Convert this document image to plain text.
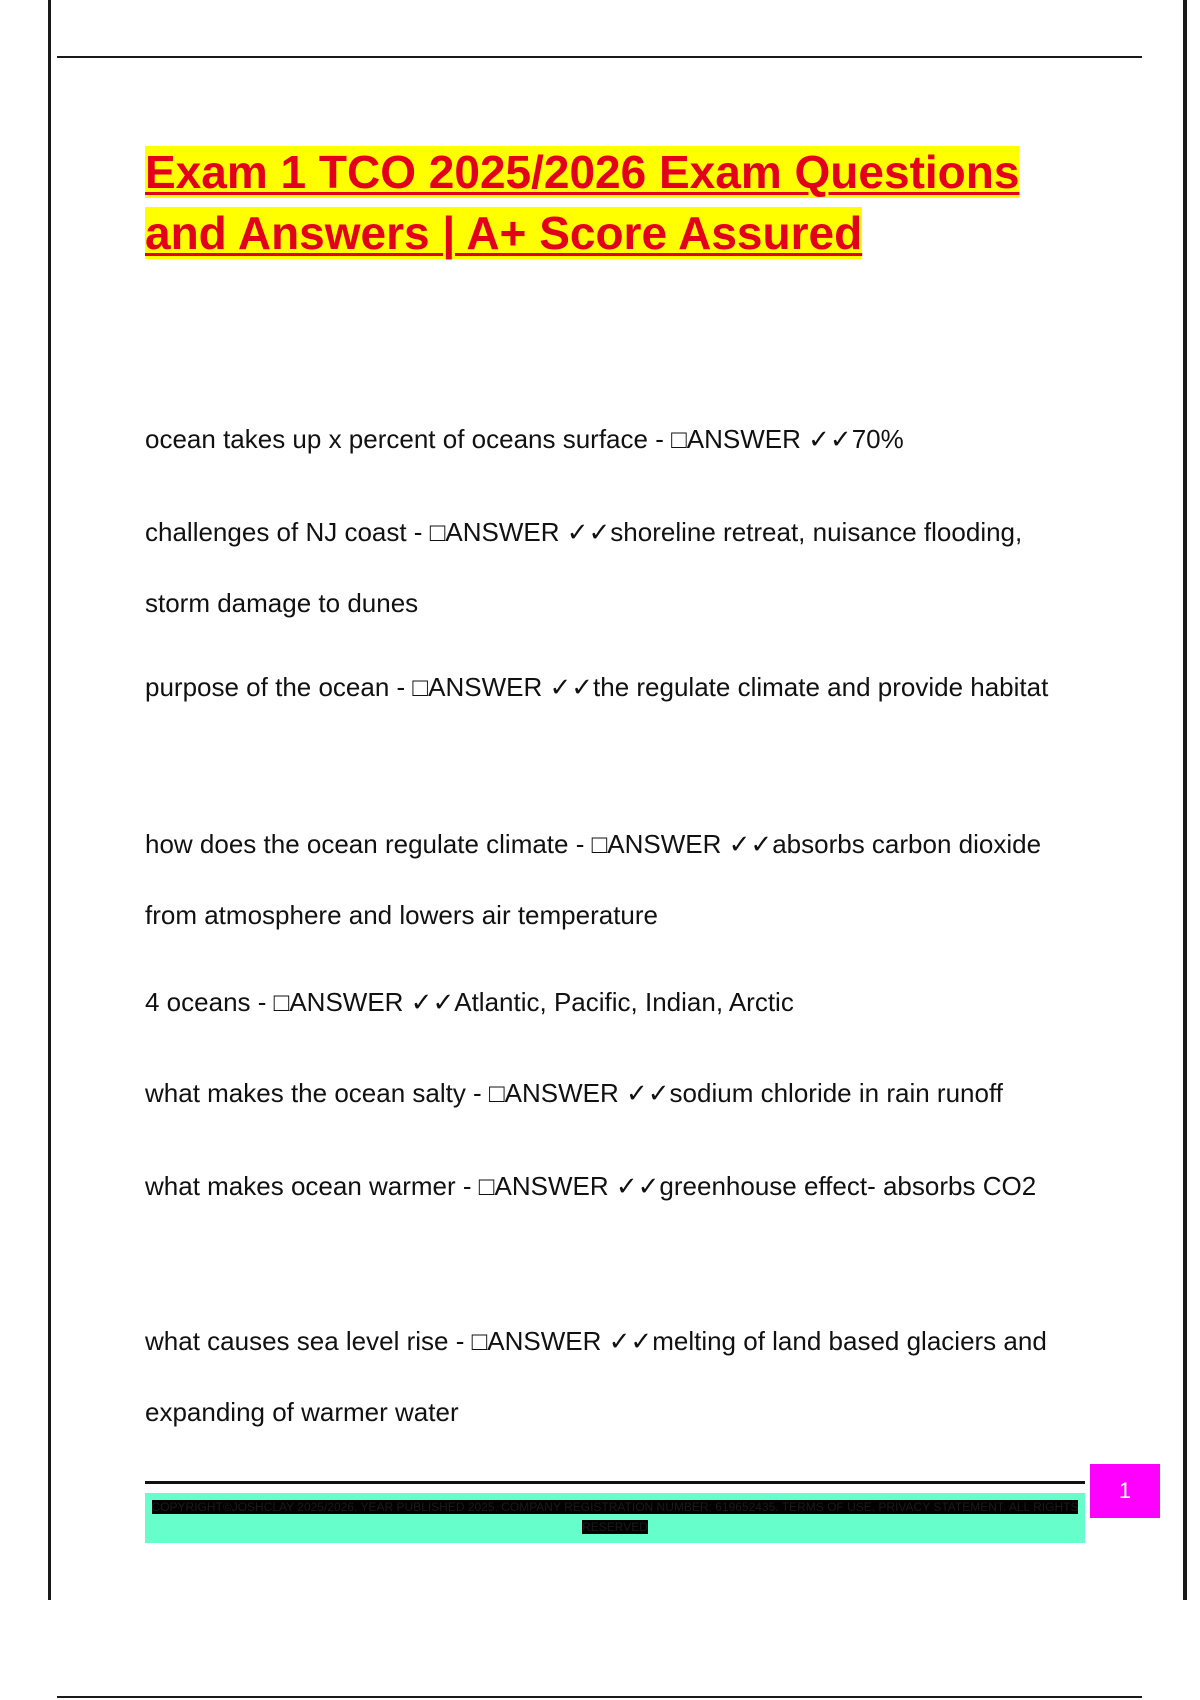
Exam 1 TCO 2025/2026 Exam Questions
and Answers | A+ Score Assured
ocean takes up x percent of oceans surface - □ANSWER ✓✓70%
challenges of NJ coast - □ANSWER ✓✓shoreline retreat, nuisance flooding, storm damage to dunes
purpose of the ocean - □ANSWER ✓✓the regulate climate and provide habitat
how does the ocean regulate climate - □ANSWER ✓✓absorbs carbon dioxide from atmosphere and lowers air temperature
4 oceans - □ANSWER ✓✓Atlantic, Pacific, Indian, Arctic
what makes the ocean salty - □ANSWER ✓✓sodium chloride in rain runoff
what makes ocean warmer - □ANSWER ✓✓greenhouse effect- absorbs CO2
what causes sea level rise - □ANSWER ✓✓melting of land based glaciers and expanding of warmer water
COPYRIGHT©JOSHCLAY 2025/2026. YEAR PUBLISHED 2025. COMPANY REGISTRATION NUMBER: 619652435. TERMS OF USE. PRIVACY STATEMENT. ALL RIGHTS RESERVED
1
